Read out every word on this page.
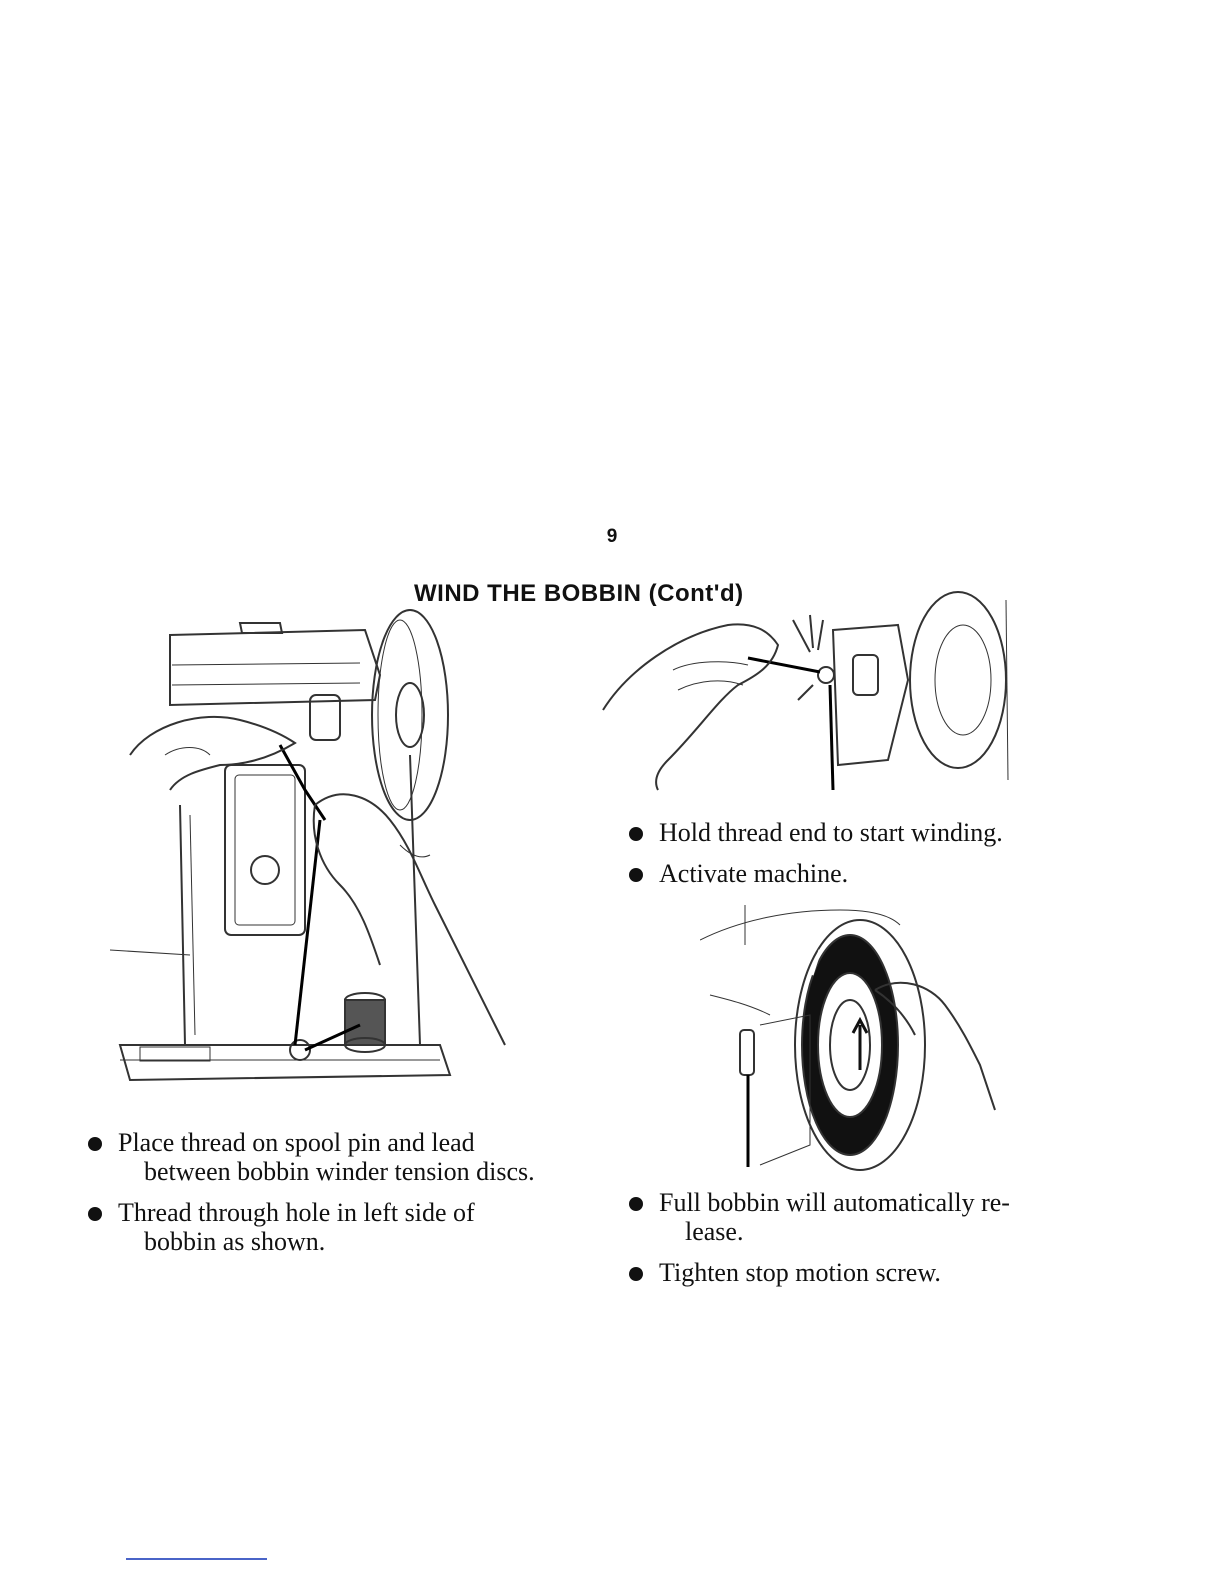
9
WIND THE BOBBIN (Cont'd)
Hold thread end to start winding.
Activate machine.
Place thread on spool pin and lead
between bobbin winder tension discs.
Thread through hole in left side of
bobbin as shown.
Full bobbin will automatically re-
lease.
Tighten stop motion screw.
